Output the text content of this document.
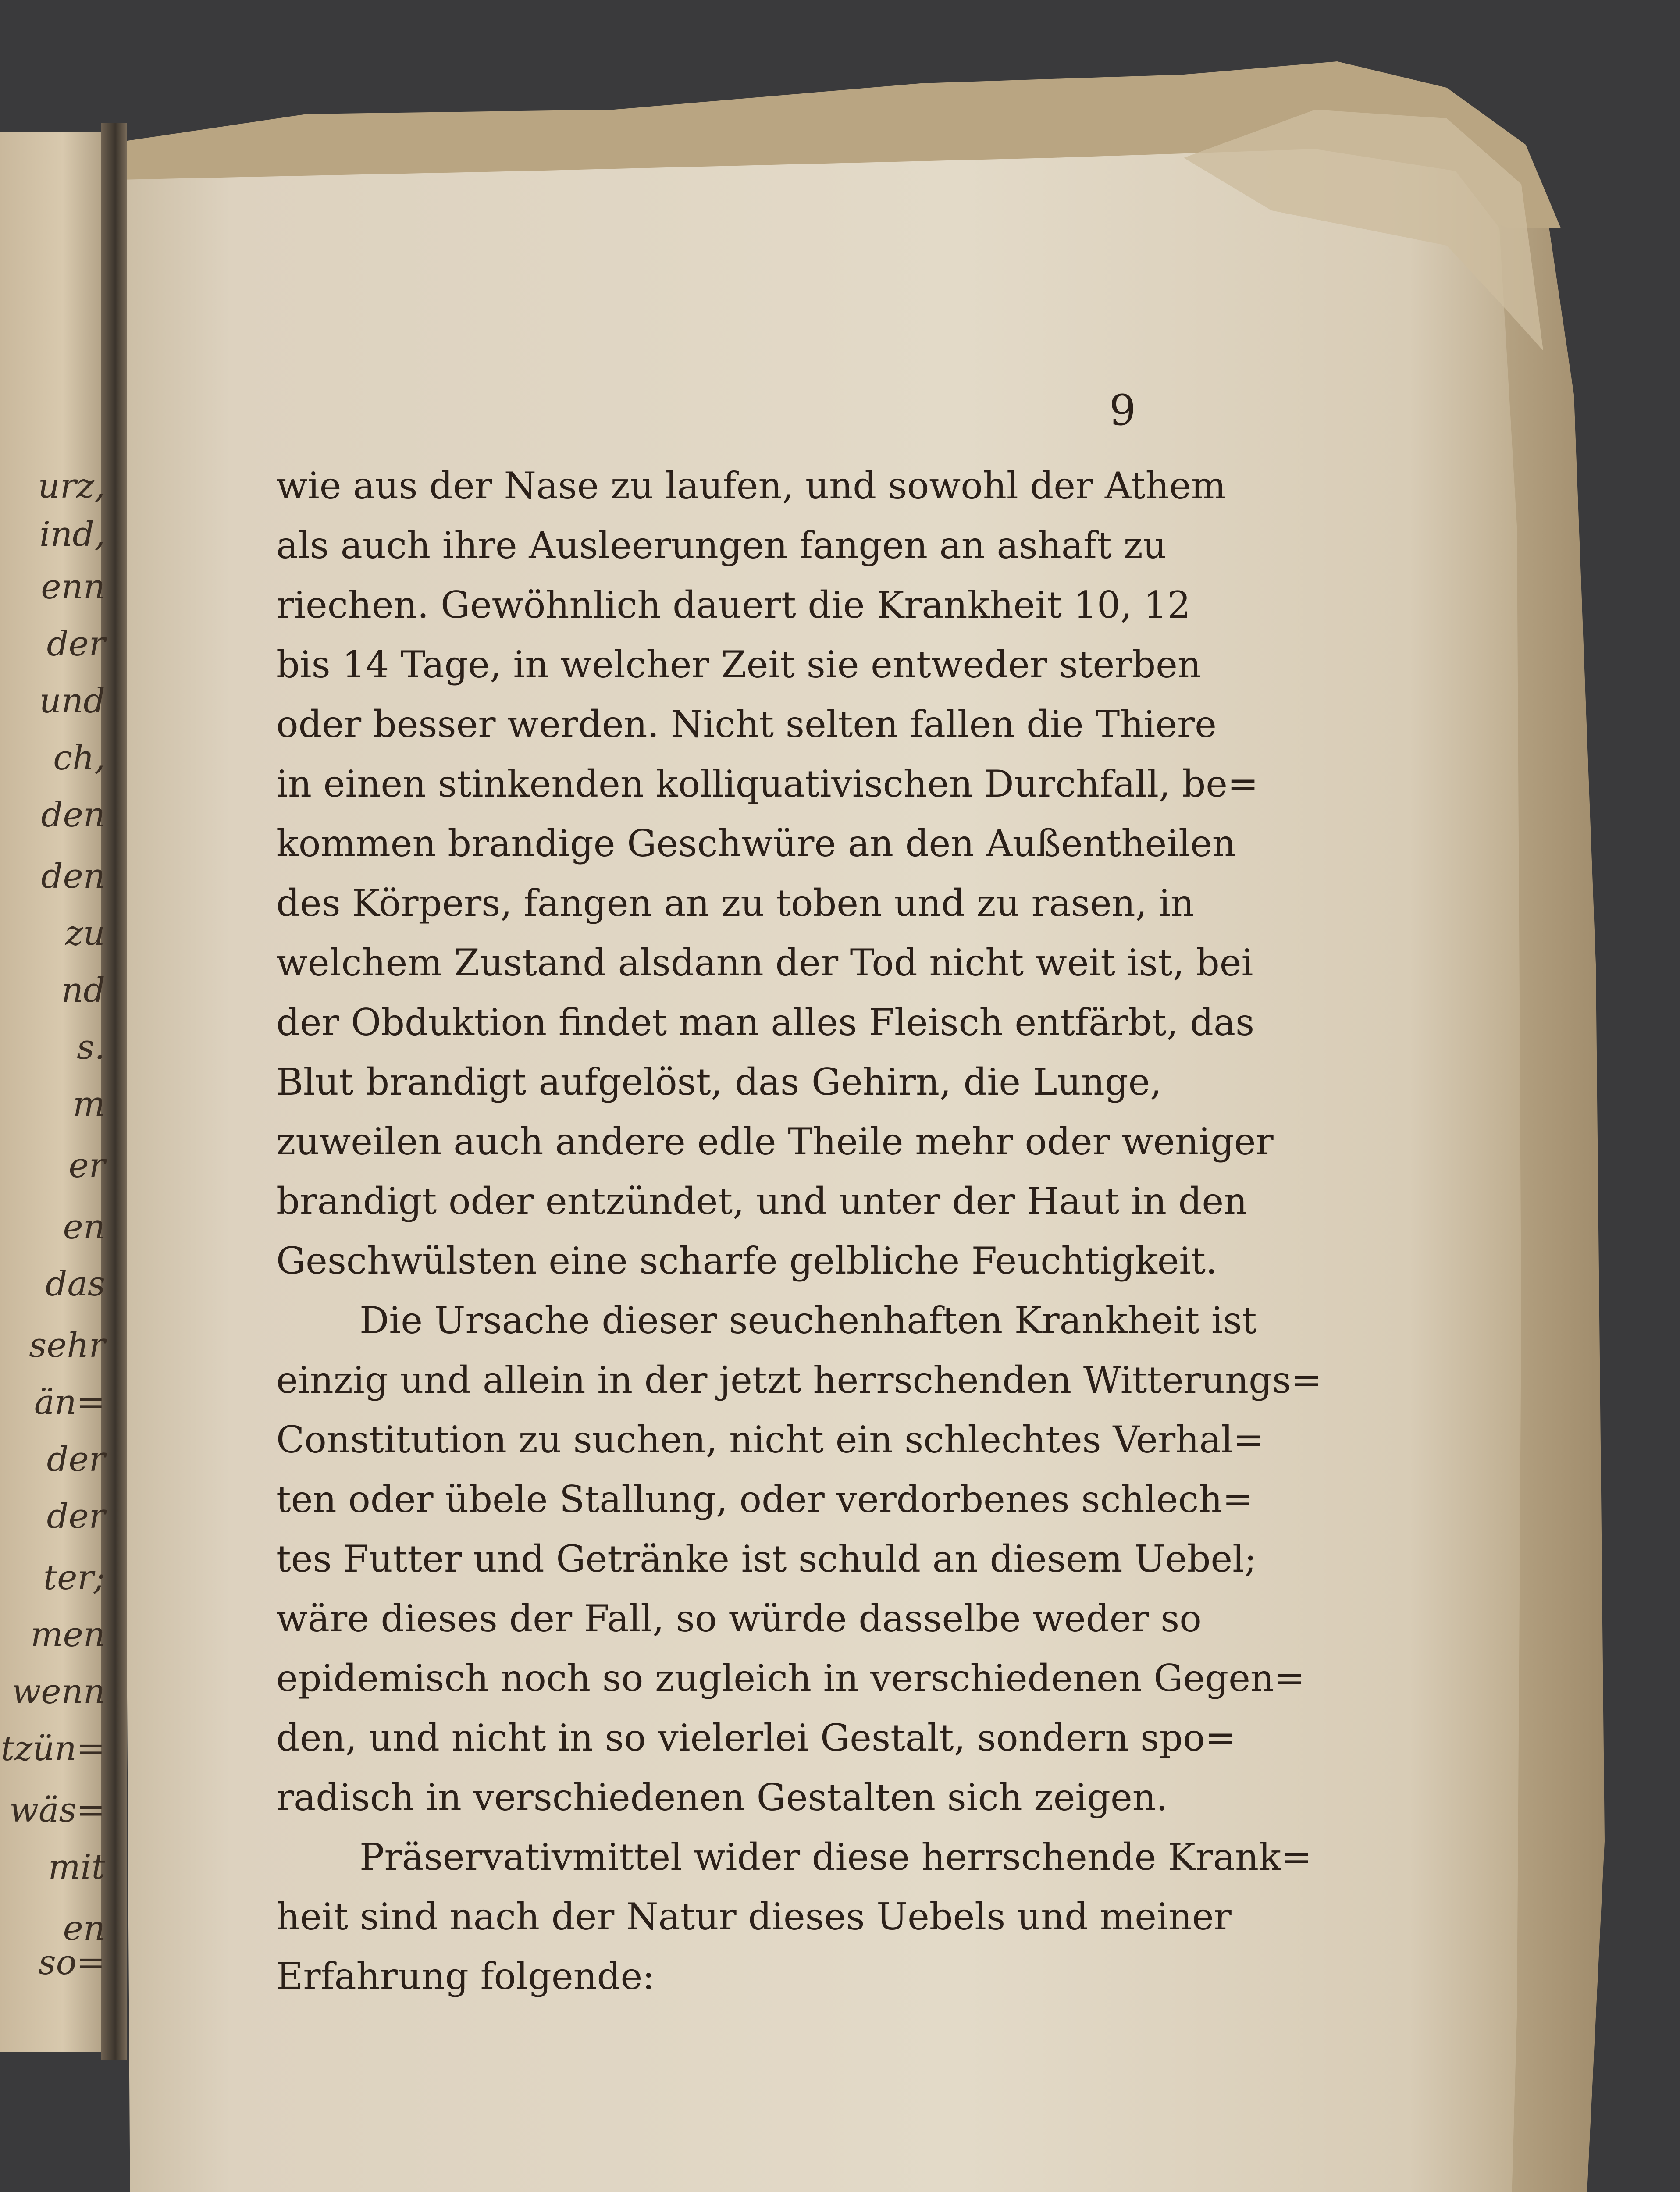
urz,
ind,
enn
der
und
ch,
den
den
zu
nd
s.
m
er
en
das
sehr
än=
der
der
ter;
men
wenn
tzün=
wäs=
mit
en so=
9
wie aus der Nase zu laufen, und sowohl der Athem
als auch ihre Ausleerungen fangen an ashaft zu
riechen. Gewöhnlich dauert die Krankheit 10, 12
bis 14 Tage, in welcher Zeit sie entweder sterben
oder besser werden. Nicht selten fallen die Thiere
in einen stinkenden kolliquativischen Durchfall, be=
kommen brandige Geschwüre an den Außentheilen
des Körpers, fangen an zu toben und zu rasen, in
welchem Zustand alsdann der Tod nicht weit ist, bei
der Obduktion findet man alles Fleisch entfärbt, das
Blut brandigt aufgelöst, das Gehirn, die Lunge,
zuweilen auch andere edle Theile mehr oder weniger
brandigt oder entzündet, und unter der Haut in den
Geschwülsten eine scharfe gelbliche Feuchtigkeit.
Die Ursache dieser seuchenhaften Krankheit ist
einzig und allein in der jetzt herrschenden Witterungs=
Constitution zu suchen, nicht ein schlechtes Verhal=
ten oder übele Stallung, oder verdorbenes schlech=
tes Futter und Getränke ist schuld an diesem Uebel;
wäre dieses der Fall, so würde dasselbe weder so
epidemisch noch so zugleich in verschiedenen Gegen=
den, und nicht in so vielerlei Gestalt, sondern spo=
radisch in verschiedenen Gestalten sich zeigen.
Präservativmittel wider diese herrschende Krank=
heit sind nach der Natur dieses Uebels und meiner
Erfahrung folgende:
